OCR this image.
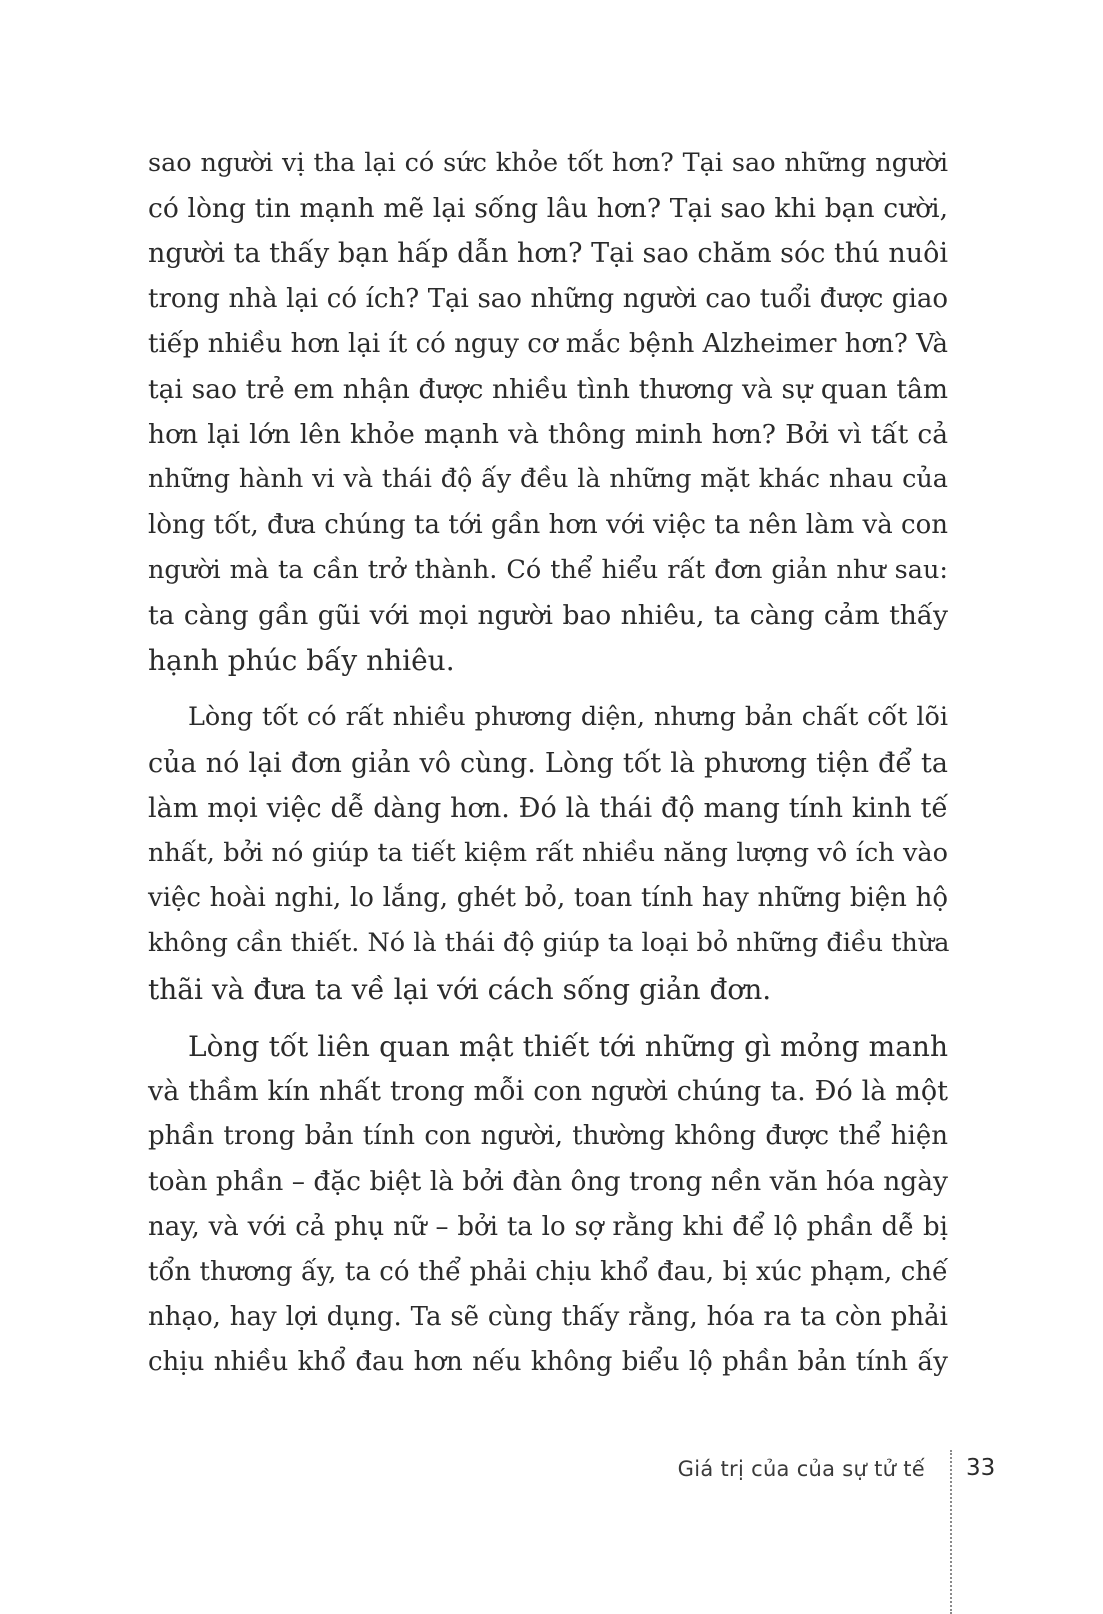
sao người vị tha lại có sức khỏe tốt hơn? Tại sao những người
có lòng tin mạnh mẽ lại sống lâu hơn? Tại sao khi bạn cười,
người ta thấy bạn hấp dẫn hơn? Tại sao chăm sóc thú nuôi
trong nhà lại có ích? Tại sao những người cao tuổi được giao
tiếp nhiều hơn lại ít có nguy cơ mắc bệnh Alzheimer hơn? Và
tại sao trẻ em nhận được nhiều tình thương và sự quan tâm
hơn lại lớn lên khỏe mạnh và thông minh hơn? Bởi vì tất cả
những hành vi và thái độ ấy đều là những mặt khác nhau của
lòng tốt, đưa chúng ta tới gần hơn với việc ta nên làm và con
người mà ta cần trở thành. Có thể hiểu rất đơn giản như sau:
ta càng gần gũi với mọi người bao nhiêu, ta càng cảm thấy
hạnh phúc bấy nhiêu.
Lòng tốt có rất nhiều phương diện, nhưng bản chất cốt lõi
của nó lại đơn giản vô cùng. Lòng tốt là phương tiện để ta
làm mọi việc dễ dàng hơn. Đó là thái độ mang tính kinh tế
nhất, bởi nó giúp ta tiết kiệm rất nhiều năng lượng vô ích vào
việc hoài nghi, lo lắng, ghét bỏ, toan tính hay những biện hộ
không cần thiết. Nó là thái độ giúp ta loại bỏ những điều thừa
thãi và đưa ta về lại với cách sống giản đơn.
Lòng tốt liên quan mật thiết tới những gì mỏng manh
và thầm kín nhất trong mỗi con người chúng ta. Đó là một
phần trong bản tính con người, thường không được thể hiện
toàn phần – đặc biệt là bởi đàn ông trong nền văn hóa ngày
nay, và với cả phụ nữ – bởi ta lo sợ rằng khi để lộ phần dễ bị
tổn thương ấy, ta có thể phải chịu khổ đau, bị xúc phạm, chế
nhạo, hay lợi dụng. Ta sẽ cùng thấy rằng, hóa ra ta còn phải
chịu nhiều khổ đau hơn nếu không biểu lộ phần bản tính ấy
Giá trị của của sự tử tế 33
